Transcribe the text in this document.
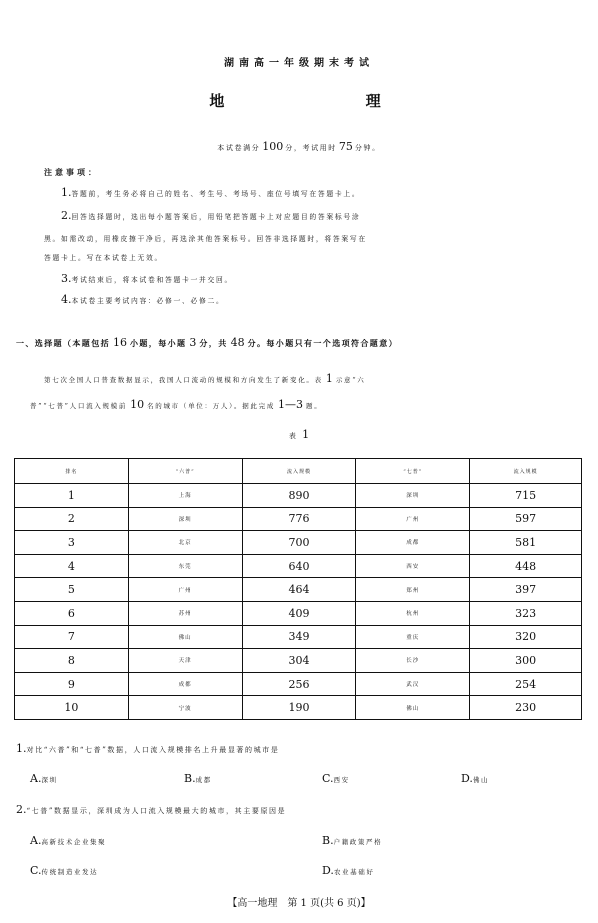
湖南高一年级期末考试
地 理
本试卷满分 100 分，考试用时 75 分钟。
注意事项：
1.答题前，考生务必将自己的姓名、考生号、考场号、座位号填写在答题卡上。
2.回答选择题时，选出每小题答案后，用铅笔把答题卡上对应题目的答案标号涂
黑。如需改动，用橡皮擦干净后，再选涂其他答案标号。回答非选择题时，将答案写在
答题卡上。写在本试卷上无效。
3.考试结束后，将本试卷和答题卡一并交回。
4.本试卷主要考试内容：必修一、必修二。
一、选择题（本题包括 16 小题，每小题 3 分，共 48 分。每小题只有一个选项符合题意）
第七次全国人口普查数据显示，我国人口流动的规模和方向发生了新变化。表 1 示意“六
普”“七普”人口流入规模前 10 名的城市（单位：万人）。据此完成 1—3 题。
表 1
排名	“六普”	流入规模	“七普”	流入规模
1	上海	890	深圳	715
2	深圳	776	广州	597
3	北京	700	成都	581
4	东莞	640	西安	448
5	广州	464	郑州	397
6	苏州	409	杭州	323
7	佛山	349	重庆	320
8	天津	304	长沙	300
9	成都	256	武汉	254
10	宁波	190	佛山	230
1.对比“六普”和“七普”数据，人口流入规模排名上升最显著的城市是
A.深圳	B.成都	C.西安	D.佛山
2.“七普”数据显示，深圳成为人口流入规模最大的城市，其主要原因是
A.高新技术企业集聚	B.户籍政策严格
C.传统制造业发达	D.农业基础好
【高一地理　第 1 页(共 6 页)】
